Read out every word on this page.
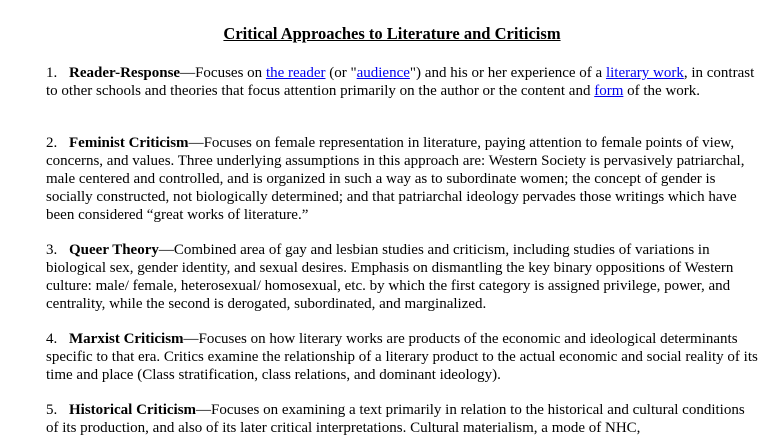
Critical Approaches to Literature and Criticism

1. Reader-Response—Focuses on the reader (or "audience") and his or her experience of a literary work, in contrast to other schools and theories that focus attention primarily on the author or the content and form of the work.

2. Feminist Criticism—Focuses on female representation in literature, paying attention to female points of view, concerns, and values. Three underlying assumptions in this approach are: Western Society is pervasively patriarchal, male centered and controlled, and is organized in such a way as to subordinate women; the concept of gender is socially constructed, not biologically determined; and that patriarchal ideology pervades those writings which have been considered “great works of literature.”

3. Queer Theory—Combined area of gay and lesbian studies and criticism, including studies of variations in biological sex, gender identity, and sexual desires. Emphasis on dismantling the key binary oppositions of Western culture: male/ female, heterosexual/ homosexual, etc. by which the first category is assigned privilege, power, and centrality, while the second is derogated, subordinated, and marginalized.

4. Marxist Criticism—Focuses on how literary works are products of the economic and ideological determinants specific to that era. Critics examine the relationship of a literary product to the actual economic and social reality of its time and place (Class stratification, class relations, and dominant ideology).

5. Historical Criticism—Focuses on examining a text primarily in relation to the historical and cultural conditions of its production, and also of its later critical interpretations. Cultural materialism, a mode of NHC,
